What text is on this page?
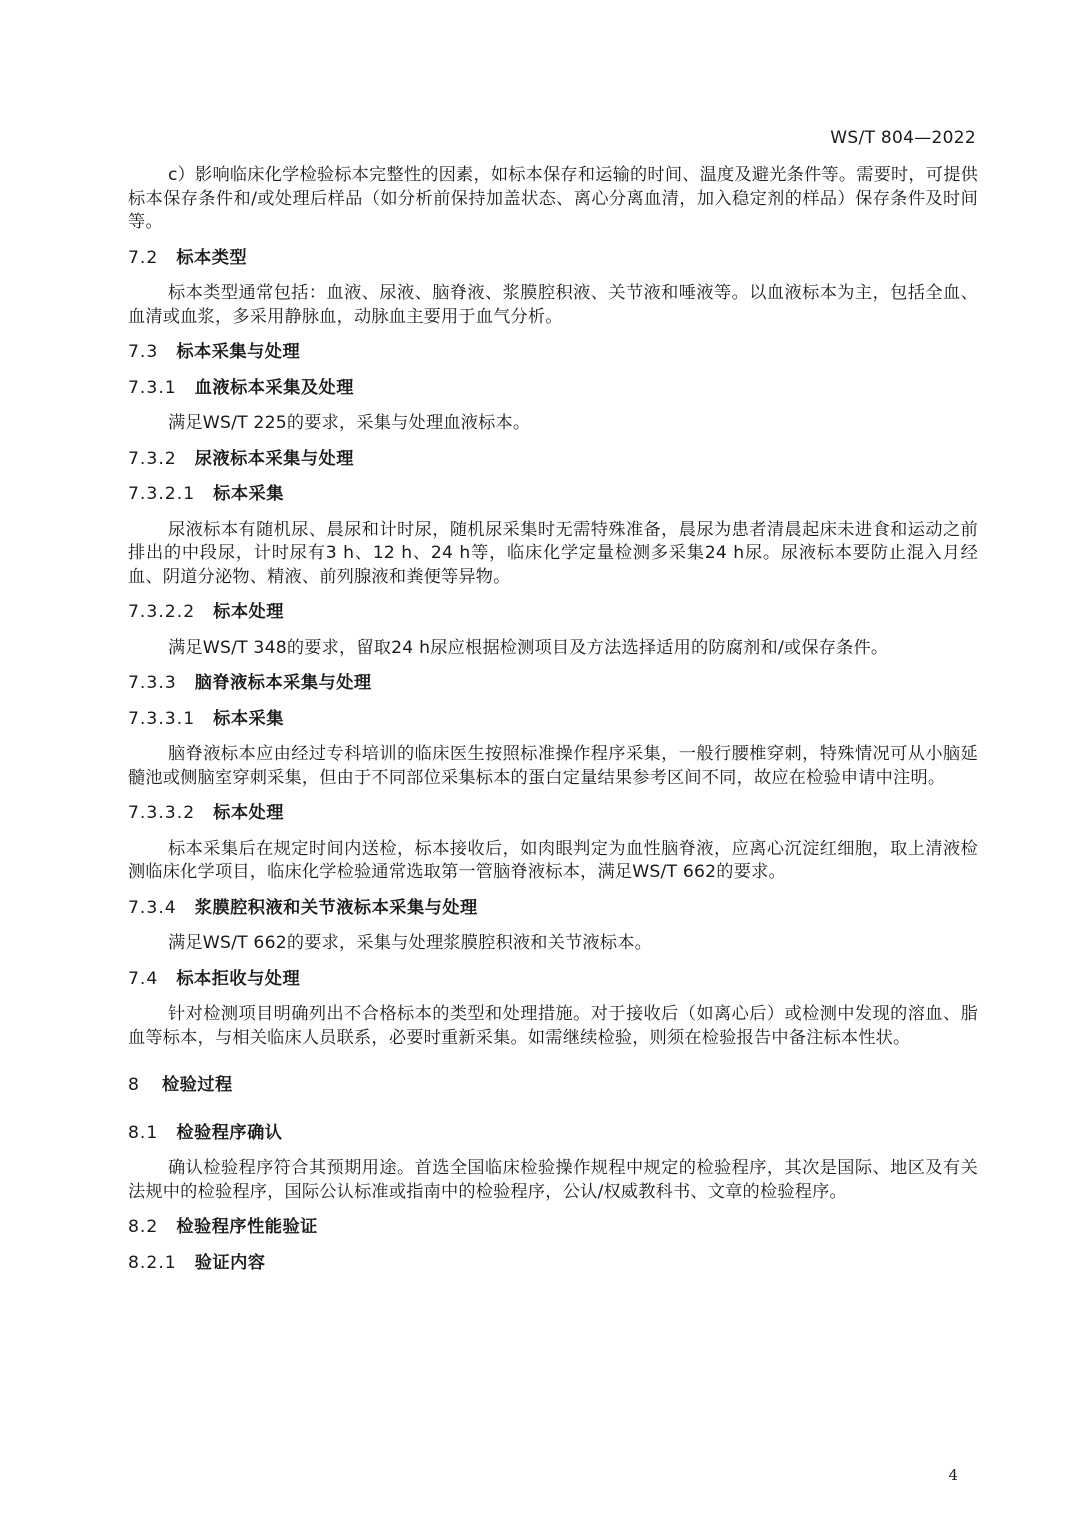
WS/T 804—2022

c）影响临床化学检验标本完整性的因素，如标本保存和运输的时间、温度及避光条件等。需要时，可提供标本保存条件和/或处理后样品（如分析前保持加盖状态、离心分离血清，加入稳定剂的样品）保存条件及时间等。

7.2 标本类型

标本类型通常包括：血液、尿液、脑脊液、浆膜腔积液、关节液和唾液等。以血液标本为主，包括全血、血清或血浆，多采用静脉血，动脉血主要用于血气分析。

7.3 标本采集与处理
7.3.1 血液标本采集及处理

满足WS/T 225的要求，采集与处理血液标本。

7.3.2 尿液标本采集与处理
7.3.2.1 标本采集

尿液标本有随机尿、晨尿和计时尿，随机尿采集时无需特殊准备，晨尿为患者清晨起床未进食和运动之前排出的中段尿，计时尿有3 h、12 h、24 h等，临床化学定量检测多采集24 h尿。尿液标本要防止混入月经血、阴道分泌物、精液、前列腺液和粪便等异物。

7.3.2.2 标本处理

满足WS/T 348的要求，留取24 h尿应根据检测项目及方法选择适用的防腐剂和/或保存条件。

7.3.3 脑脊液标本采集与处理
7.3.3.1 标本采集

脑脊液标本应由经过专科培训的临床医生按照标准操作程序采集，一般行腰椎穿刺，特殊情况可从小脑延髓池或侧脑室穿刺采集，但由于不同部位采集标本的蛋白定量结果参考区间不同，故应在检验申请中注明。

7.3.3.2 标本处理

标本采集后在规定时间内送检，标本接收后，如肉眼判定为血性脑脊液，应离心沉淀红细胞，取上清液检测临床化学项目，临床化学检验通常选取第一管脑脊液标本，满足WS/T 662的要求。

7.3.4 浆膜腔积液和关节液标本采集与处理

满足WS/T 662的要求，采集与处理浆膜腔积液和关节液标本。

7.4 标本拒收与处理

针对检测项目明确列出不合格标本的类型和处理措施。对于接收后（如离心后）或检测中发现的溶血、脂血等标本，与相关临床人员联系，必要时重新采集。如需继续检验，则须在检验报告中备注标本性状。

8 检验过程
8.1 检验程序确认

确认检验程序符合其预期用途。首选全国临床检验操作规程中规定的检验程序，其次是国际、地区及有关法规中的检验程序，国际公认标准或指南中的检验程序，公认/权威教科书、文章的检验程序。

8.2 检验程序性能验证
8.2.1 验证内容
4
